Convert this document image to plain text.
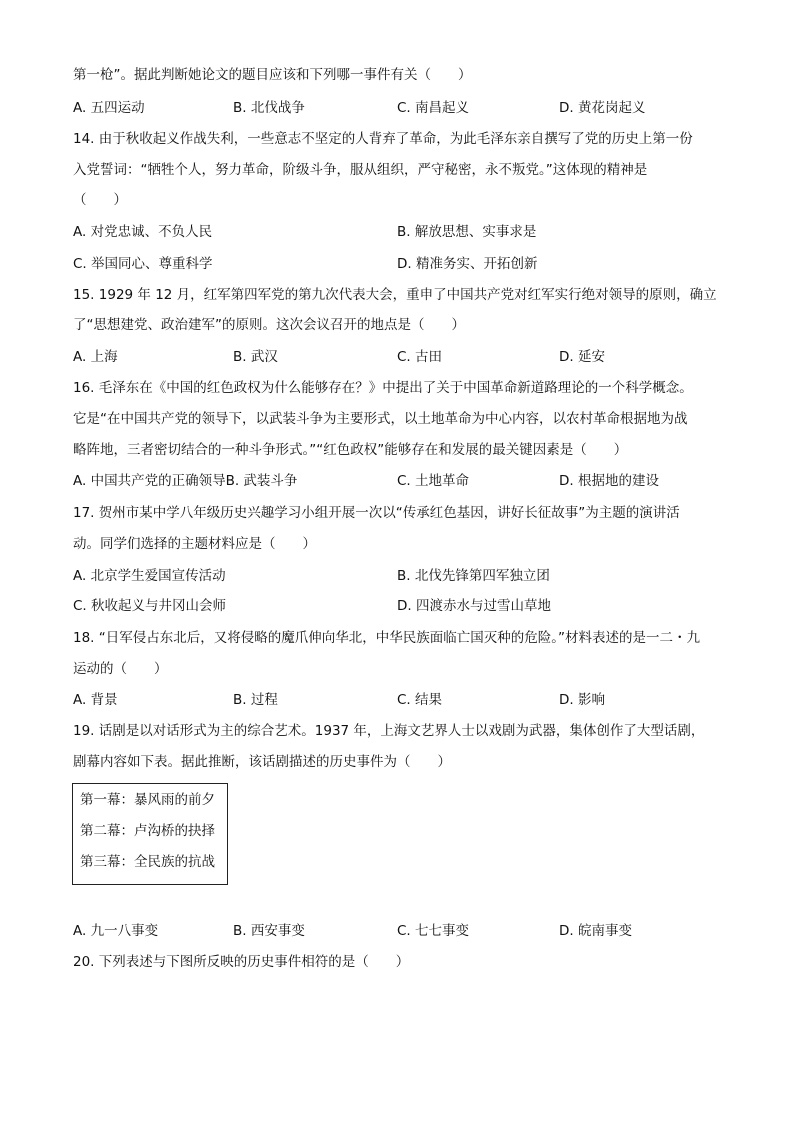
第一枪”。据此判断她论文的题目应该和下列哪一事件有关（　　）
A. 五四运动	B. 北伐战争	C. 南昌起义	D. 黄花岗起义
14. 由于秋收起义作战失利，一些意志不坚定的人背弃了革命，为此毛泽东亲自撰写了党的历史上第一份
入党誓词：“牺牲个人，努力革命，阶级斗争，服从组织，严守秘密，永不叛党。”这体现的精神是
（　　）
A. 对党忠诚、不负人民	B. 解放思想、实事求是
C. 举国同心、尊重科学	D. 精准务实、开拓创新
15. 1929 年 12 月，红军第四军党的第九次代表大会，重申了中国共产党对红军实行绝对领导的原则，确立
了“思想建党、政治建军”的原则。这次会议召开的地点是（　　）
A. 上海	B. 武汉	C. 古田	D. 延安
16. 毛泽东在《中国的红色政权为什么能够存在？》中提出了关于中国革命新道路理论的一个科学概念。
它是“在中国共产党的领导下，以武装斗争为主要形式，以土地革命为中心内容，以农村革命根据地为战
略阵地，三者密切结合的一种斗争形式。”“红色政权”能够存在和发展的最关键因素是（　　）
A. 中国共产党的正确领导B. 武装斗争	C. 土地革命	D. 根据地的建设
17. 贺州市某中学八年级历史兴趣学习小组开展一次以“传承红色基因，讲好长征故事”为主题的演讲活
动。同学们选择的主题材料应是（　　）
A. 北京学生爱国宣传活动	B. 北伐先锋第四军独立团
C. 秋收起义与井冈山会师	D. 四渡赤水与过雪山草地
18. “日军侵占东北后，又将侵略的魔爪伸向华北，中华民族面临亡国灭种的危险。”材料表述的是一二・九
运动的（　　）
A. 背景	B. 过程	C. 结果	D. 影响
19. 话剧是以对话形式为主的综合艺术。1937 年，上海文艺界人士以戏剧为武器，集体创作了大型话剧，
剧幕内容如下表。据此推断，该话剧描述的历史事件为（　　）
第一幕：暴风雨的前夕
第二幕：卢沟桥的抉择
第三幕：全民族的抗战
A. 九一八事变	B. 西安事变	C. 七七事变	D. 皖南事变
20. 下列表述与下图所反映的历史事件相符的是（　　）
